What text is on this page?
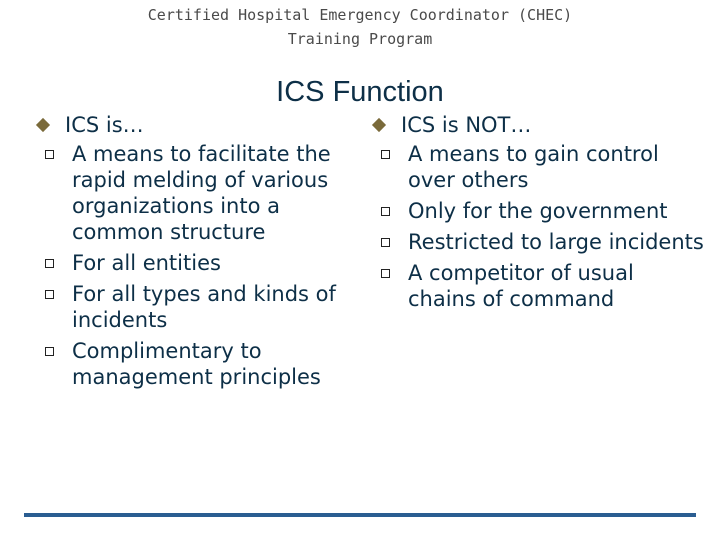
Certified Hospital Emergency Coordinator (CHEC)
Training Program
ICS Function
ICS is…
A means to facilitate the rapid melding of various organizations into a common structure
For all entities
For all types and kinds of incidents
Complimentary to management principles
ICS is NOT…
A means to gain control over others
Only for the government
Restricted to large incidents
A competitor of usual chains of command
